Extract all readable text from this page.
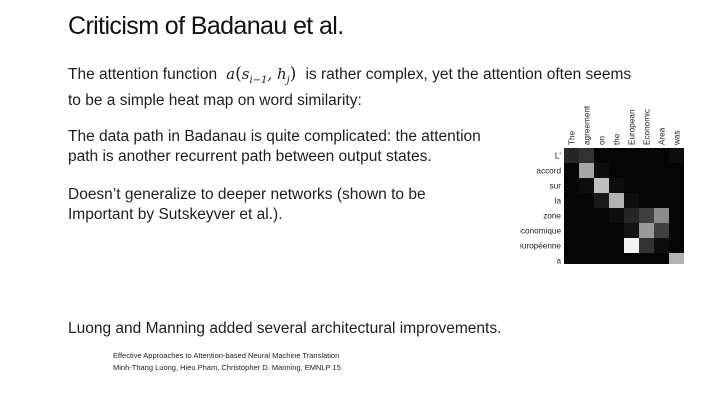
Criticism of Badanau et al.
The attention function $a(s_{i-1}$, $h_j$) is rather complex, yet the attention often seems
to be a simple heat map on word similarity:
The data path in Badanau is quite complicated: the attention
path is another recurrent path between output states.
Doesn’t generalize to deeper networks (shown to be
Important by Sutskeyver et al.).
L'
accord
sur
la
zone
économique
européenne
a
The agreement on the European Economic Area was
Luong and Manning added several architectural improvements.
Effective Approaches to Attention-based Neural Machine Translation
Minh-Thang Luong, Hieu Pham, Christopher D. Manning, EMNLP 15
